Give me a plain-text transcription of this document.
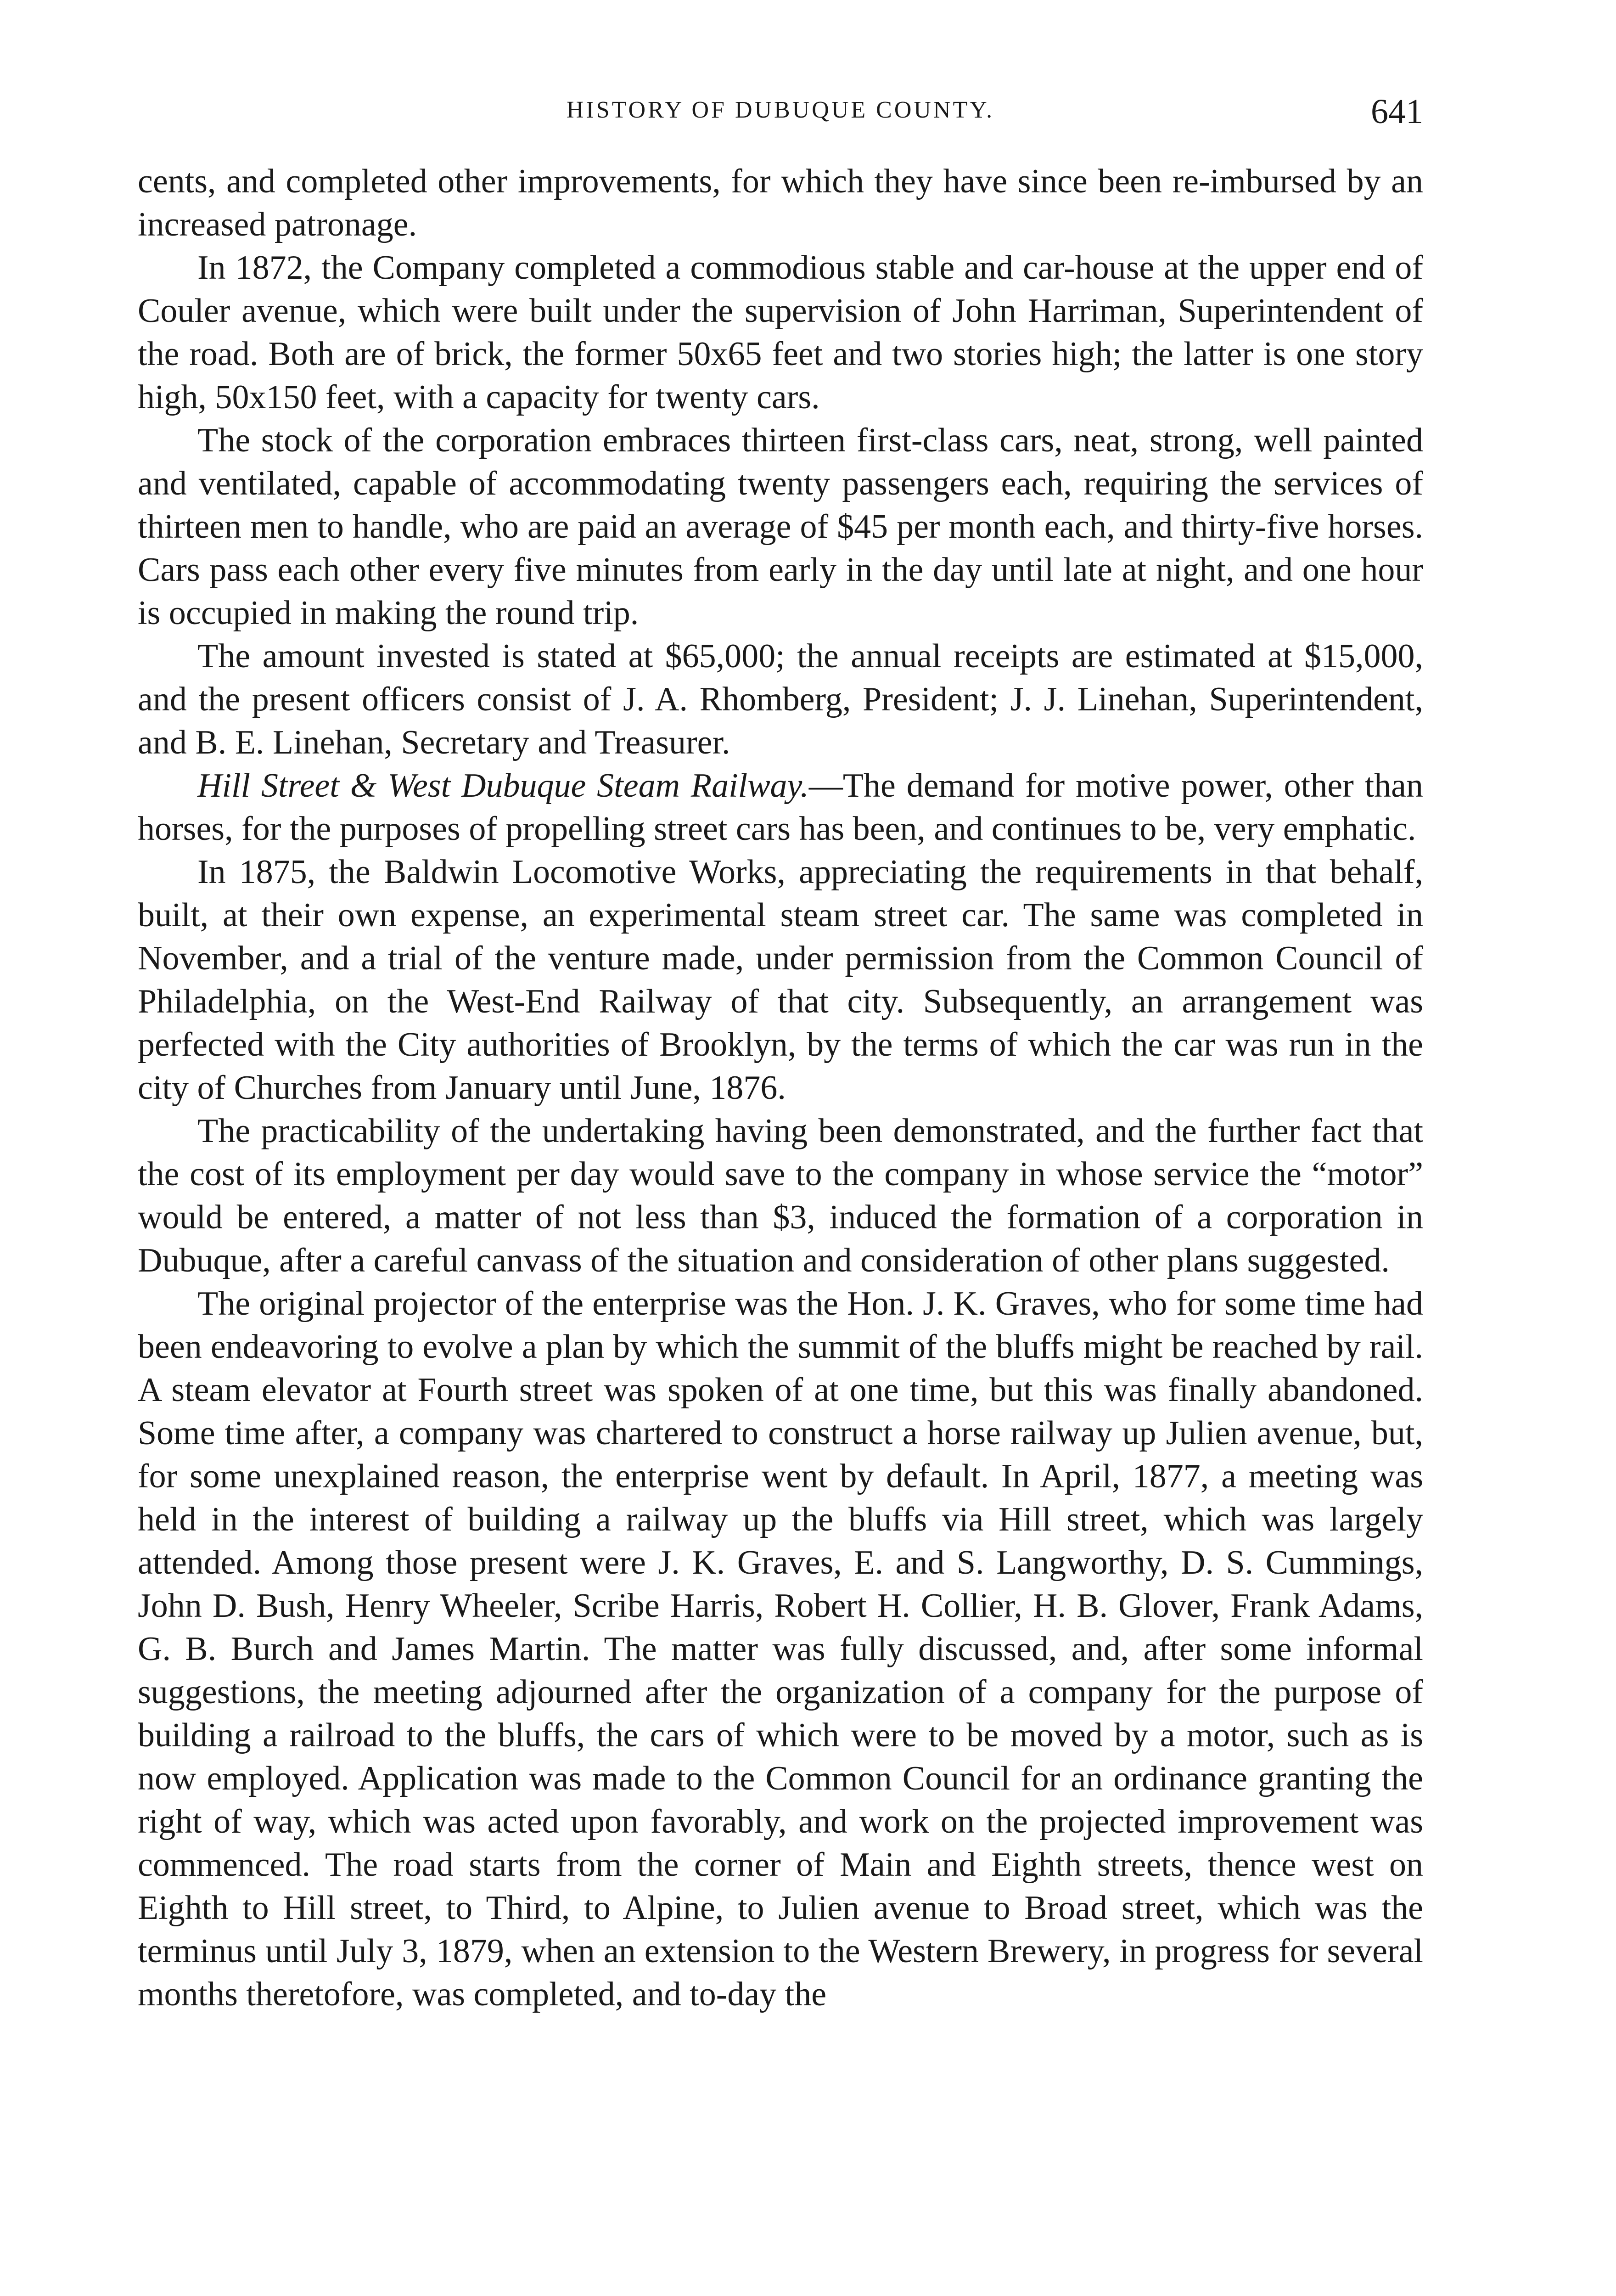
HISTORY OF DUBUQUE COUNTY.	641

cents, and completed other improvements, for which they have since been re-imbursed by an increased patronage.

In 1872, the Company completed a commodious stable and car-house at the upper end of Couler avenue, which were built under the supervision of John Harriman, Superintendent of the road. Both are of brick, the former 50x65 feet and two stories high; the latter is one story high, 50x150 feet, with a capacity for twenty cars.

The stock of the corporation embraces thirteen first-class cars, neat, strong, well painted and ventilated, capable of accommodating twenty passengers each, requiring the services of thirteen men to handle, who are paid an average of $45 per month each, and thirty-five horses. Cars pass each other every five minutes from early in the day until late at night, and one hour is occupied in making the round trip.

The amount invested is stated at $65,000; the annual receipts are estimated at $15,000, and the present officers consist of J. A. Rhomberg, President; J. J. Linehan, Superintendent, and B. E. Linehan, Secretary and Treasurer.

Hill Street & West Dubuque Steam Railway.—The demand for motive power, other than horses, for the purposes of propelling street cars has been, and continues to be, very emphatic.

In 1875, the Baldwin Locomotive Works, appreciating the requirements in that behalf, built, at their own expense, an experimental steam street car. The same was completed in November, and a trial of the venture made, under permission from the Common Council of Philadelphia, on the West-End Railway of that city. Subsequently, an arrangement was perfected with the City authorities of Brooklyn, by the terms of which the car was run in the city of Churches from January until June, 1876.

The practicability of the undertaking having been demonstrated, and the further fact that the cost of its employment per day would save to the company in whose service the “motor” would be entered, a matter of not less than $3, induced the formation of a corporation in Dubuque, after a careful canvass of the situation and consideration of other plans suggested.

The original projector of the enterprise was the Hon. J. K. Graves, who for some time had been endeavoring to evolve a plan by which the summit of the bluffs might be reached by rail. A steam elevator at Fourth street was spoken of at one time, but this was finally abandoned. Some time after, a company was chartered to construct a horse railway up Julien avenue, but, for some unexplained reason, the enterprise went by default. In April, 1877, a meeting was held in the interest of building a railway up the bluffs via Hill street, which was largely attended. Among those present were J. K. Graves, E. and S. Langworthy, D. S. Cummings, John D. Bush, Henry Wheeler, Scribe Harris, Robert H. Collier, H. B. Glover, Frank Adams, G. B. Burch and James Martin. The matter was fully discussed, and, after some informal suggestions, the meeting adjourned after the organization of a company for the purpose of building a railroad to the bluffs, the cars of which were to be moved by a motor, such as is now employed. Application was made to the Common Council for an ordinance granting the right of way, which was acted upon favorably, and work on the projected improvement was commenced. The road starts from the corner of Main and Eighth streets, thence west on Eighth to Hill street, to Third, to Alpine, to Julien avenue to Broad street, which was the terminus until July 3, 1879, when an extension to the Western Brewery, in progress for several months theretofore, was completed, and to-day the
